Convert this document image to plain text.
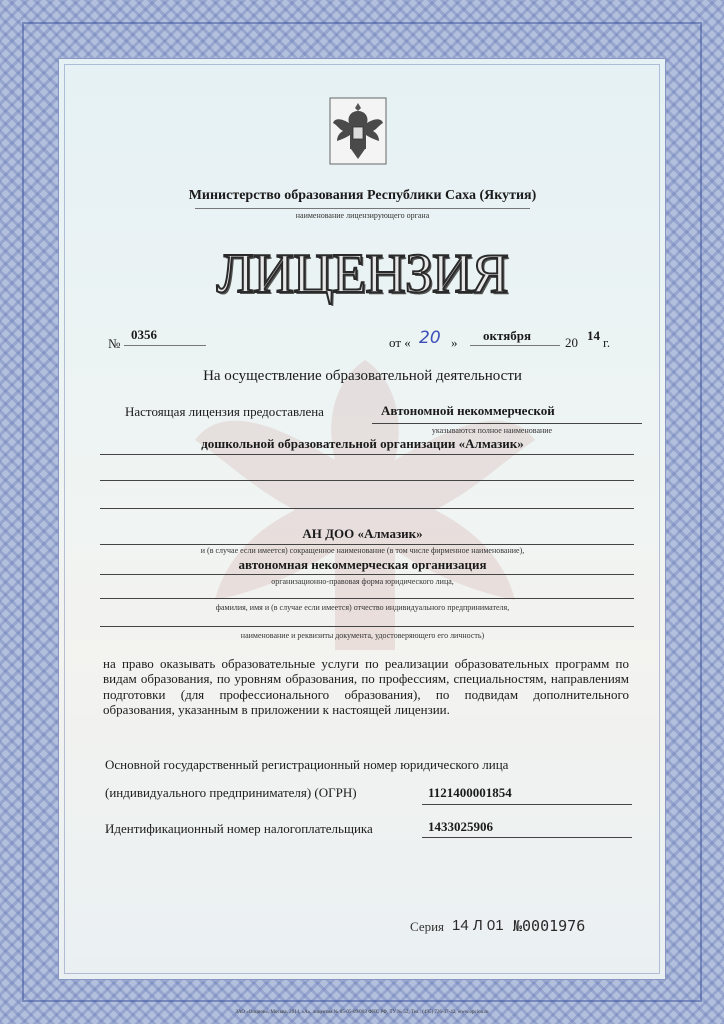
Министерство образования Республики Саха (Якутия)
наименование лицензирующего органа
ЛИЦЕНЗИЯ
№
0356
от « 20 » октября	20 14 г.
На осуществление образовательной деятельности
Настоящая лицензия предоставлена	Автономной некоммерческой
указываются полное наименование
дошкольной образовательной организации «Алмазик»
АН ДОО «Алмазик»
и (в случае если имеется) сокращенное наименование (в том числе фирменное наименование),
автономная некоммерческая организация
организационно-правовая форма юридического лица,
фамилия, имя и (в случае если имеется) отчество индивидуального предпринимателя,
наименование и реквизиты документа, удостоверяющего его личность)
на право оказывать образовательные услуги по реализации образовательных программ по видам образования, по уровням образования, по профессиям, специальностям, направлениям подготовки (для профессионального образования), по подвидам дополнительного образования, указанным в приложении к настоящей лицензии.
Основной государственный регистрационный номер юридического лица
(индивидуального предпринимателя) (ОГРН)	1121400001854
Идентификационный номер налогоплательщика	1433025906
Серия 14 Л 01 №0001976
ЗАО «Опцион», Москва, 2014, «А», лицензия № 05-05-09/003 ФНС РФ, ТУ № 52, Тел.: (495) 726-47-42, www.opcion.ru
